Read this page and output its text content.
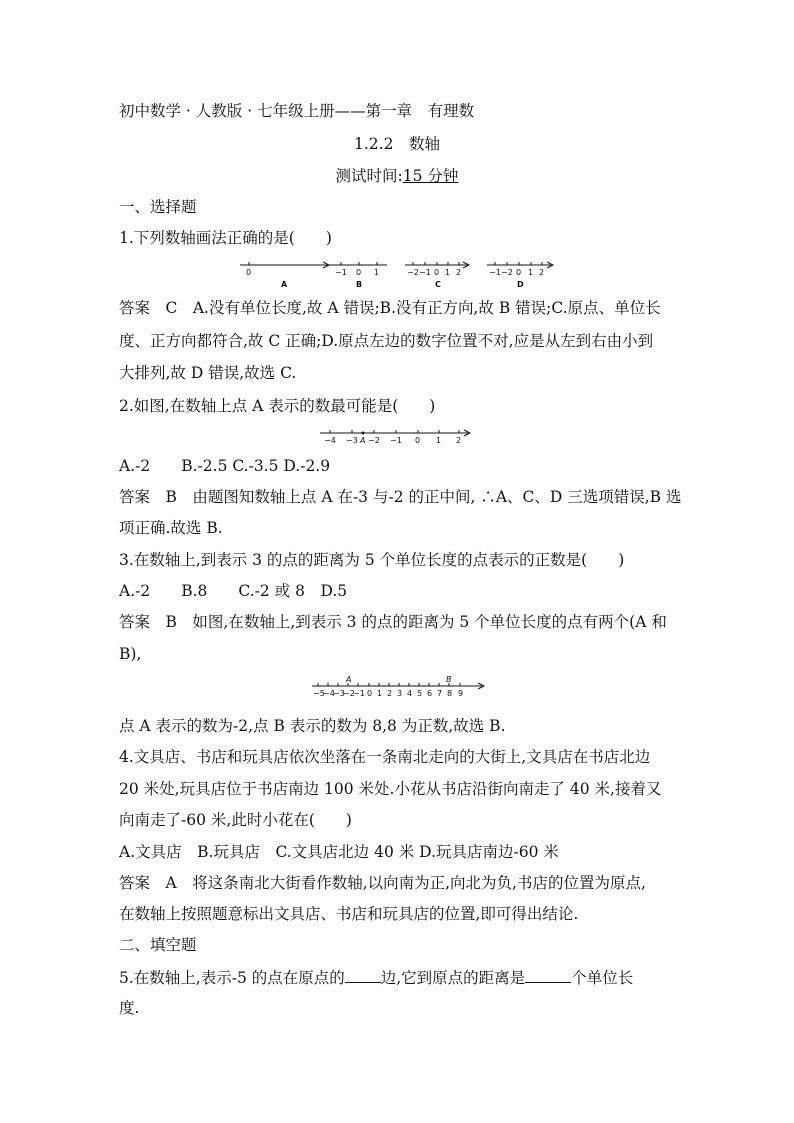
初中数学 · 人教版 · 七年级上册——第一章　有理数
1.2.2　数轴
测试时间:15 分钟
一、选择题
1.下列数轴画法正确的是(　　)
0
A
−1 0 1
B
−2 −1 0 1 2
C
−1 −2 0 1 2
D
答案　C　A.没有单位长度,故 A 错误;B.没有正方向,故 B 错误;C.原点、单位长
度、正方向都符合,故 C 正确;D.原点左边的数字位置不对,应是从左到右由小到
大排列,故 D 错误,故选 C.
2.如图,在数轴上点 A 表示的数最可能是(　　)
−4 −3 A −2 −1 0 1 2
A.-2　　B.-2.5 C.-3.5 D.-2.9
答案　B　由题图知数轴上点 A 在-3 与-2 的正中间, ∴A、C、D 三选项错误,B 选
项正确.故选 B.
3.在数轴上,到表示 3 的点的距离为 5 个单位长度的点表示的正数是(　　)
A.-2　　B.8　　C.-2 或 8　D.5
答案　B　如图,在数轴上,到表示 3 的点的距离为 5 个单位长度的点有两个(A 和
B),
A	B
−5
−4
−3
−2
−1 0 1 2 3 4 5 6 7 8 9
点 A 表示的数为-2,点 B 表示的数为 8,8 为正数,故选 B.
4.文具店、书店和玩具店依次坐落在一条南北走向的大街上,文具店在书店北边
20 米处,玩具店位于书店南边 100 米处.小花从书店沿街向南走了 40 米,接着又
向南走了-60 米,此时小花在(　　)
A.文具店　B.玩具店　C.文具店北边 40 米 D.玩具店南边-60 米
答案　A　将这条南北大街看作数轴,以向南为正,向北为负,书店的位置为原点,
在数轴上按照题意标出文具店、书店和玩具店的位置,即可得出结论.
二、填空题
5.在数轴上,表示-5 的点在原点的 边,它到原点的距离是	个单位长
度.
